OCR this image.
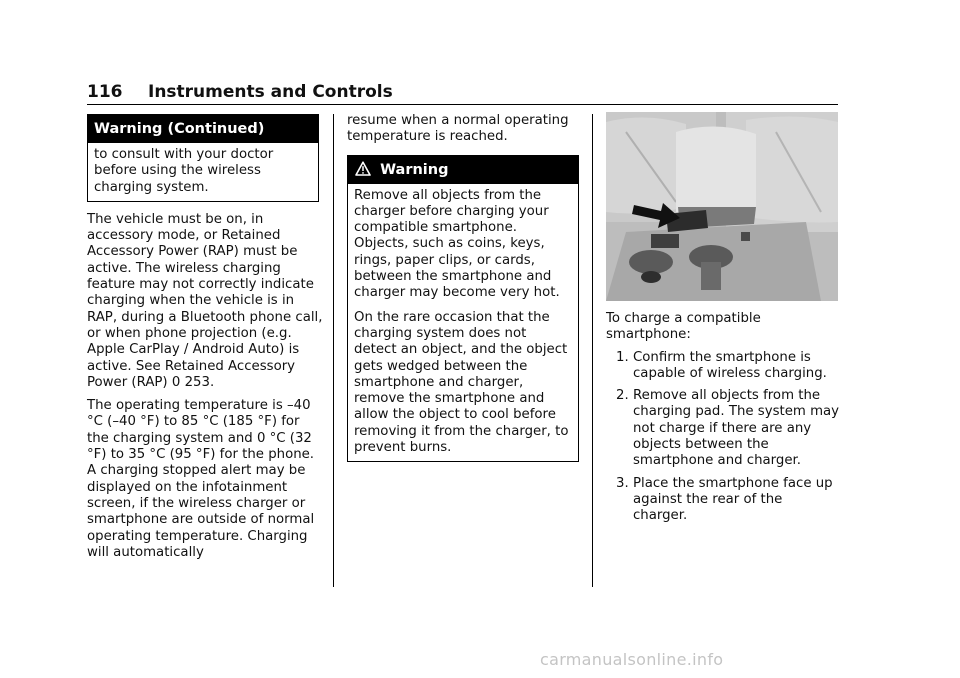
116 Instruments and Controls
Warning (Continued)

to consult with your doctor before using the wireless charging system.

The vehicle must be on, in accessory mode, or Retained Accessory Power (RAP) must be active. The wireless charging feature may not correctly indicate charging when the vehicle is in RAP, during a Bluetooth phone call, or when phone projection (e.g. Apple CarPlay / Android Auto) is active. See Retained Accessory Power (RAP) 0 253.

The operating temperature is –40 °C (–40 °F) to 85 °C (185 °F) for the charging system and 0 °C (32 °F) to 35 °C (95 °F) for the phone. A charging stopped alert may be displayed on the infotainment screen, if the wireless charger or smartphone are outside of normal operating temperature. Charging will automatically

resume when a normal operating temperature is reached.

Warning

Remove all objects from the charger before charging your compatible smartphone. Objects, such as coins, keys, rings, paper clips, or cards, between the smartphone and charger may become very hot.

On the rare occasion that the charging system does not detect an object, and the object gets wedged between the smartphone and charger, remove the smartphone and allow the object to cool before removing it from the charger, to prevent burns.

To charge a compatible smartphone:

1. Confirm the smartphone is capable of wireless charging.
2. Remove all objects from the charging pad. The system may not charge if there are any objects between the smartphone and charger.
3. Place the smartphone face up against the rear of the charger.
carmanualsonline.info
